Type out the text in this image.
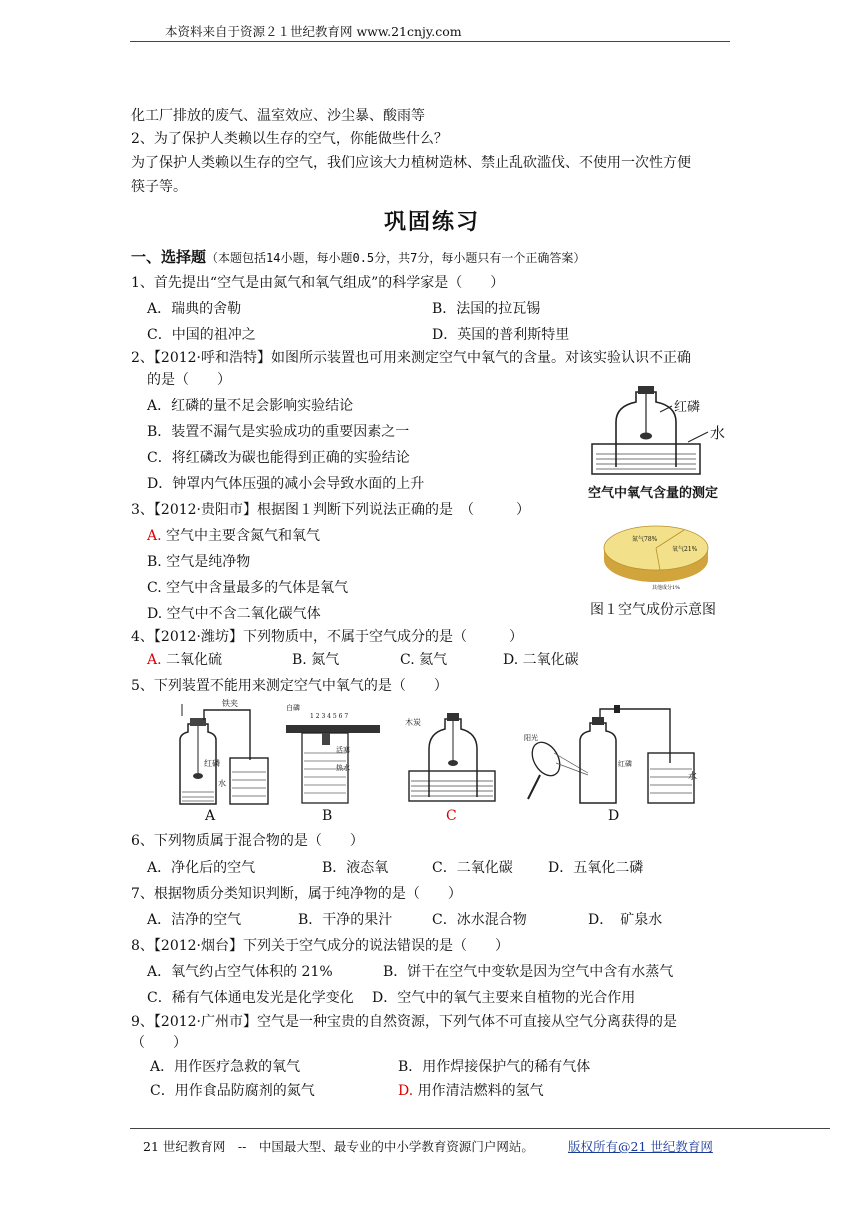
本资料来自于资源２１世纪教育网 www.21cnjy.com
化工厂排放的废气、温室效应、沙尘暴、酸雨等
2、为了保护人类赖以生存的空气，你能做些什么？
为了保护人类赖以生存的空气，我们应该大力植树造林、禁止乱砍滥伐、不使用一次性方便
筷子等。
巩固练习
一、选择题（本题包括14小题，每小题0.5分，共7分，每小题只有一个正确答案）
1、首先提出“空气是由氮气和氧气组成”的科学家是（　　）
A．瑞典的舍勒	B．法国的拉瓦锡
C．中国的祖冲之	D．英国的普利斯特里
2、【2012·呼和浩特】如图所示装置也可用来测定空气中氧气的含量。对该实验认识不正确
的是（　　）
A．红磷的量不足会影响实验结论
B．装置不漏气是实验成功的重要因素之一
C．将红磷改为碳也能得到正确的实验结论
D．钟罩内气体压强的减小会导致水面的上升
红磷
水
空气中氧气含量的测定
3、【2012·贵阳市】根据图１判断下列说法正确的是　（　　　）
A. 空气中主要含氮气和氧气
B. 空气是纯净物
C. 空气中含量最多的气体是氧气
D. 空气中不含二氧化碳气体
氮气78%
氧气21%
其他成分1%
图１空气成份示意图
4、【2012·潍坊】下列物质中，不属于空气成分的是（　　　）
A. 二氧化硫	B. 氮气	C. 氦气	D. 二氧化碳
5、下列装置不能用来测定空气中氧气的是（　　）
铁夹
红磷
水
白磷
1 2 3 4 5 6 7
活塞
热水
木炭
阳光
红磷
水
A	B	C	D
6、下列物质属于混合物的是（　　）
A．净化后的空气	B．液态氧	C．二氧化碳	D．五氧化二磷
7、根据物质分类知识判断，属于纯净物的是（　　）
A．洁净的空气	B．干净的果汁	C．冰水混合物	D．　矿泉水
8、【2012·烟台】下列关于空气成分的说法错误的是（　　）
A．氧气约占空气体积的 21%	B．饼干在空气中变软是因为空气中含有水蒸气
C．稀有气体通电发光是化学变化 D．空气中的氧气主要来自植物的光合作用
9、【2012·广州市】空气是一种宝贵的自然资源，下列气体不可直接从空气分离获得的是
（　　）
A．用作医疗急救的氧气	B．用作焊接保护气的稀有气体
C．用作食品防腐剂的氮气	D. 用作清洁燃料的氢气
21 世纪教育网　--　中国最大型、最专业的中小学教育资源门户网站。	版权所有@21 世纪教育网
